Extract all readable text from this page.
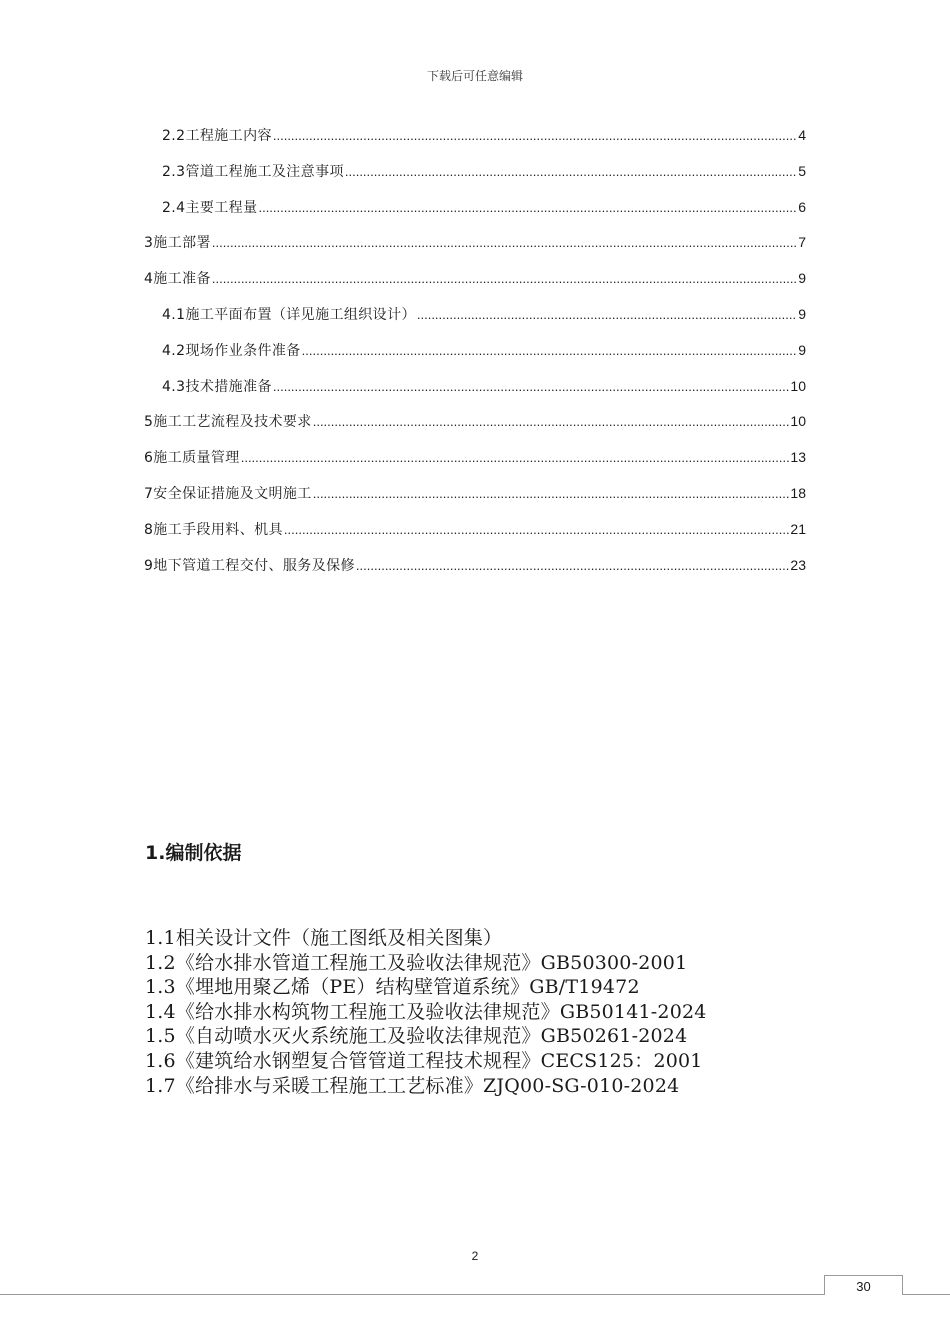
下载后可任意编辑
2.2工程施工内容 .....	4
2.3管道工程施工及注意事项 .....	5
2.4主要工程量 .....	6
3施工部署 .....	7
4施工准备 .....	9
4.1施工平面布置（详见施工组织设计） .....	9
4.2现场作业条件准备 .....	9
4.3技术措施准备 .....	10
5施工工艺流程及技术要求 .....	10
6施工质量管理 .....	13
7安全保证措施及文明施工 .....	18
8施工手段用料、机具 .....	21
9地下管道工程交付、服务及保修 .....	23
1.编制依据
1.1相关设计文件（施工图纸及相关图集）
1.2《给水排水管道工程施工及验收法律规范》GB50300-2001
1.3《埋地用聚乙烯（PE）结构壁管道系统》GB/T19472
1.4《给水排水构筑物工程施工及验收法律规范》GB50141-2024
1.5《自动喷水灭火系统施工及验收法律规范》GB50261-2024
1.6《建筑给水钢塑复合管管道工程技术规程》CECS125：2001
1.7《给排水与采暖工程施工工艺标准》ZJQ00-SG-010-2024
2
30
